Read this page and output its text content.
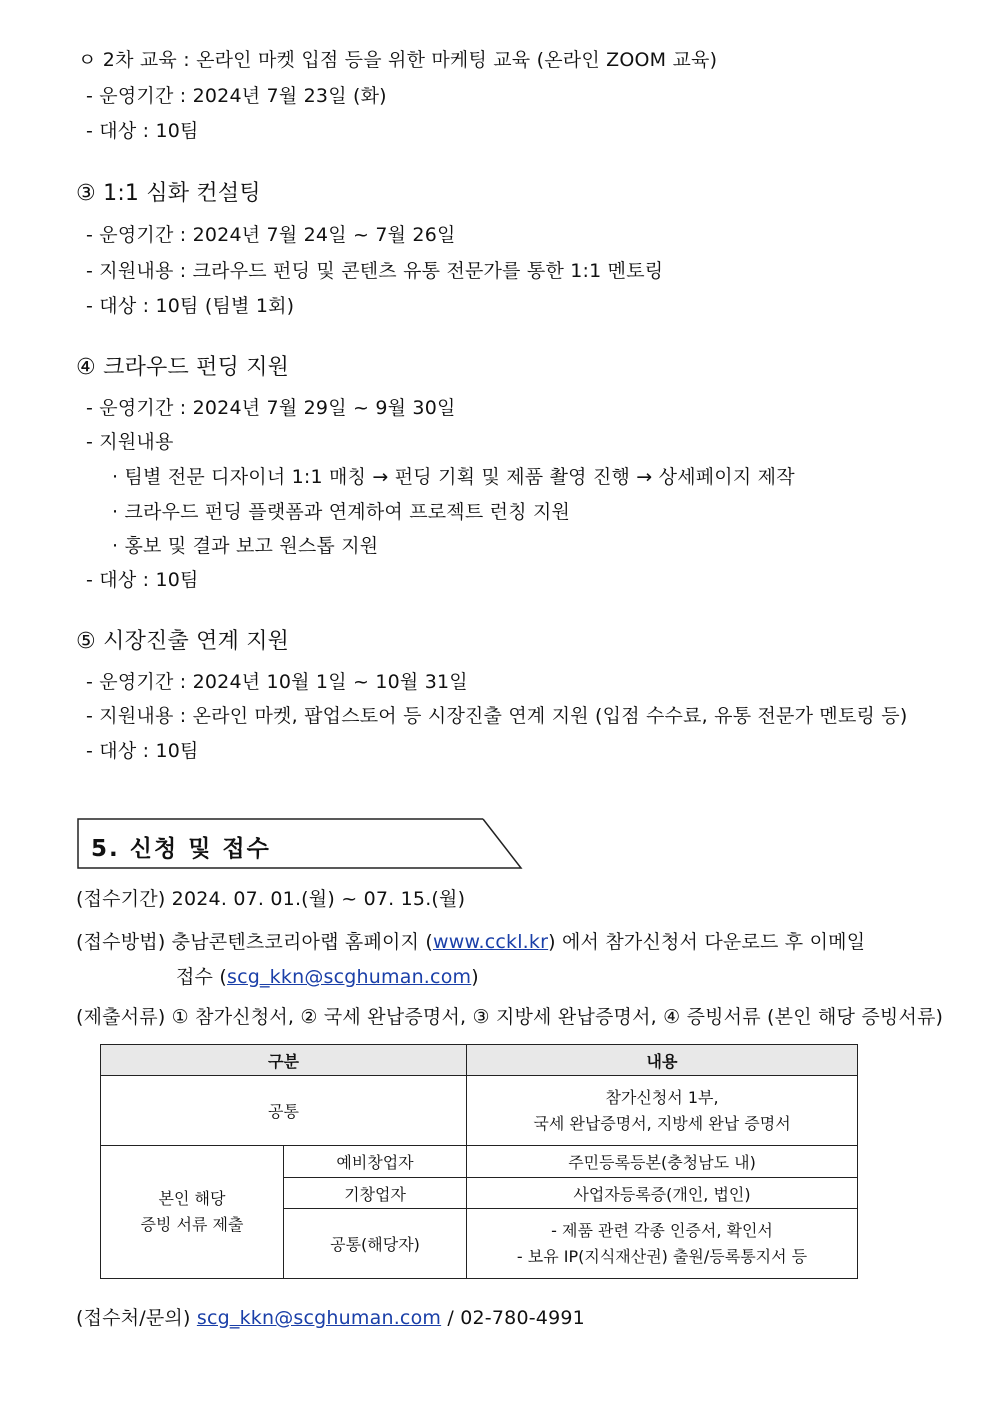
ㅇ 2차 교육 : 온라인 마켓 입점 등을 위한 마케팅 교육 (온라인 ZOOM 교육)
- 운영기간 : 2024년 7월 23일 (화)
- 대상 : 10팀
③ 1:1 심화 컨설팅
- 운영기간 : 2024년 7월 24일 ~ 7월 26일
- 지원내용 : 크라우드 펀딩 및 콘텐츠 유통 전문가를 통한 1:1 멘토링
- 대상 : 10팀 (팀별 1회)
④ 크라우드 펀딩 지원
- 운영기간 : 2024년 7월 29일 ~ 9월 30일
- 지원내용
· 팀별 전문 디자이너 1:1 매칭 → 펀딩 기획 및 제품 촬영 진행 → 상세페이지 제작
· 크라우드 펀딩 플랫폼과 연계하여 프로젝트 런칭 지원
· 홍보 및 결과 보고 원스톱 지원
- 대상 : 10팀
⑤ 시장진출 연계 지원
- 운영기간 : 2024년 10월 1일 ~ 10월 31일
- 지원내용 : 온라인 마켓, 팝업스토어 등 시장진출 연계 지원 (입점 수수료, 유통 전문가 멘토링 등)
- 대상 : 10팀
5. 신청 및 접수
(접수기간) 2024. 07. 01.(월) ~ 07. 15.(월)
(접수방법) 충남콘텐츠코리아랩 홈페이지 (www.cckl.kr) 에서 참가신청서 다운로드 후 이메일
접수 (scg_kkn@scghuman.com)
(제출서류) ① 참가신청서, ② 국세 완납증명서, ③ 지방세 완납증명서, ④ 증빙서류 (본인 해당 증빙서류)
구분		내용
공통		참가신청서 1부,
국세 완납증명서, 지방세 완납 증명서

본인 해당
증빙 서류 제출	예비창업자	주민등록등본(충청남도 내)
	기창업자	사업자등록증(개인, 법인)
	공통(해당자)	- 제품 관련 각종 인증서, 확인서
- 보유 IP(지식재산권) 출원/등록통지서 등
(접수처/문의) scg_kkn@scghuman.com / 02-780-4991
